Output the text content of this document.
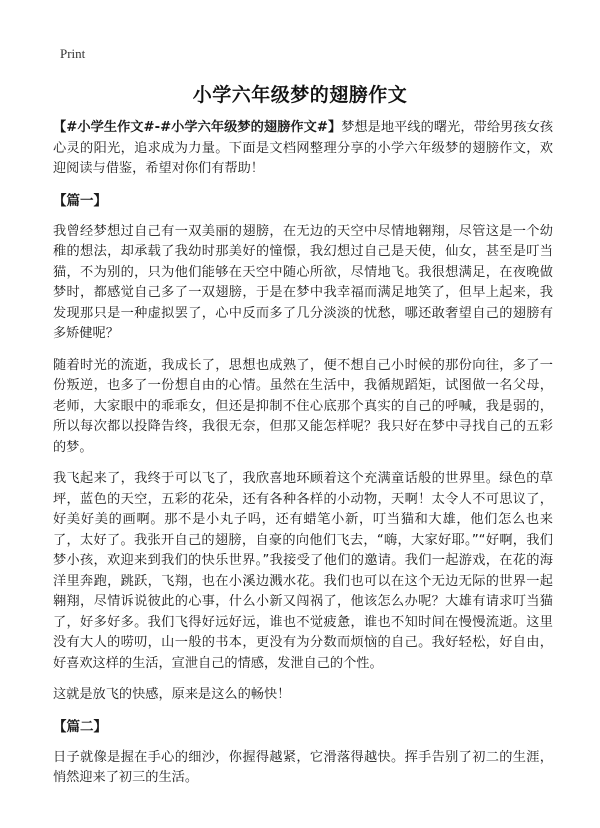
Print
小学六年级梦的翅膀作文

【#小学生作文#-#小学六年级梦的翅膀作文#】梦想是地平线的曙光，带给男孩女孩心灵的阳光，追求成为力量。下面是文档网整理分享的小学六年级梦的翅膀作文，欢迎阅读与借鉴，希望对你们有帮助！

【篇一】

我曾经梦想过自己有一双美丽的翅膀，在无边的天空中尽情地翱翔，尽管这是一个幼稚的想法，却承载了我幼时那美好的憧憬，我幻想过自己是天使，仙女，甚至是叮当猫，不为别的，只为他们能够在天空中随心所欲，尽情地飞。我很想满足，在夜晚做梦时，都感觉自己多了一双翅膀，于是在梦中我幸福而满足地笑了，但早上起来，我发现那只是一种虚拟罢了，心中反而多了几分淡淡的忧愁，哪还敢奢望自己的翅膀有多矫健呢？

随着时光的流逝，我成长了，思想也成熟了，便不想自己小时候的那份向往，多了一份叛逆，也多了一份想自由的心情。虽然在生活中，我循规蹈矩，试图做一名父母，老师，大家眼中的乖乖女，但还是抑制不住心底那个真实的自己的呼喊，我是弱的，所以每次都以投降告终，我很无奈，但那又能怎样呢？我只好在梦中寻找自己的五彩的梦。

我飞起来了，我终于可以飞了，我欣喜地环顾着这个充满童话般的世界里。绿色的草坪，蓝色的天空，五彩的花朵，还有各种各样的小动物，天啊！太令人不可思议了，好美好美的画啊。那不是小丸子吗，还有蜡笔小新，叮当猫和大雄，他们怎么也来了，太好了。我张开自己的翅膀，自豪的向他们飞去，“嗨，大家好耶。”“好啊，我们梦小孩，欢迎来到我们的快乐世界。”我接受了他们的邀请。我们一起游戏，在花的海洋里奔跑，跳跃，飞翔，也在小溪边溅水花。我们也可以在这个无边无际的世界一起翱翔，尽情诉说彼此的心事，什么小新又闯祸了，他该怎么办呢？大雄有请求叮当猫了，好多好多。我们飞得好远好远，谁也不觉疲惫，谁也不知时间在慢慢流逝。这里没有大人的唠叨，山一般的书本，更没有为分数而烦恼的自己。我好轻松，好自由，好喜欢这样的生活，宣泄自己的情感，发泄自己的个性。

这就是放飞的快感，原来是这么的畅快！

【篇二】

日子就像是握在手心的细沙，你握得越紧，它滑落得越快。挥手告别了初二的生涯，悄然迎来了初三的生活。
